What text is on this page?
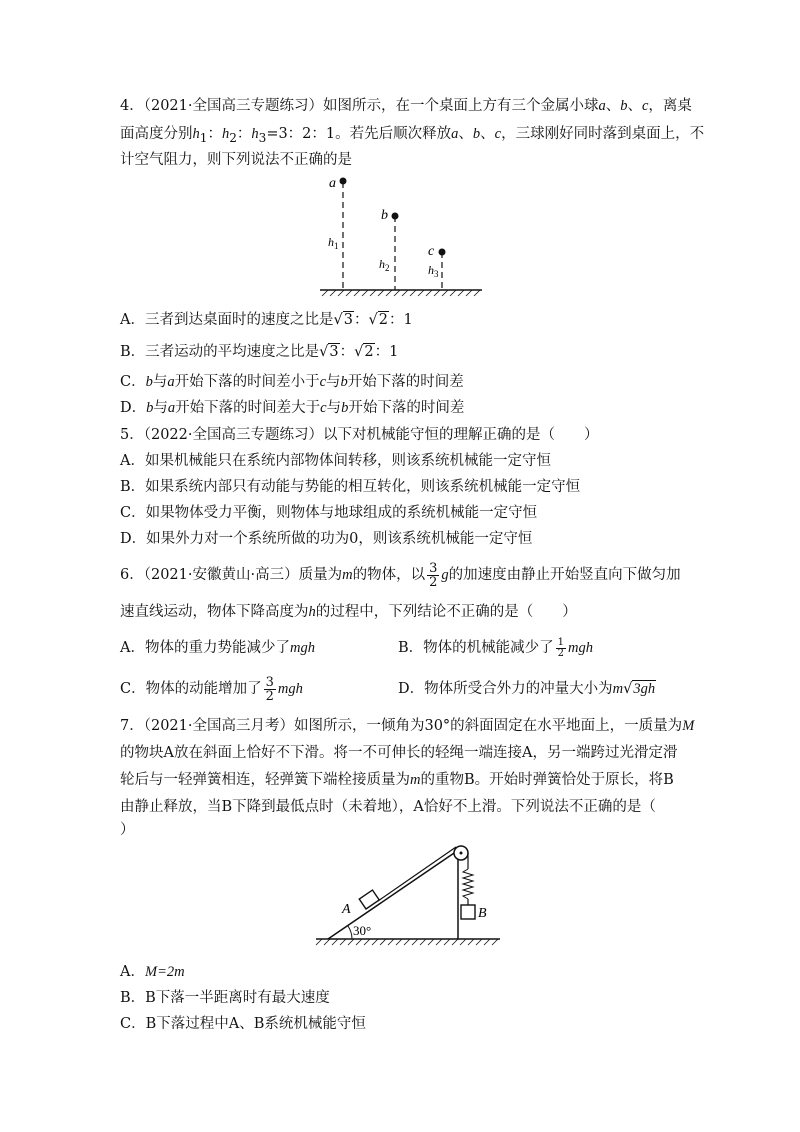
4．（2021·全国高三专题练习）如图所示，在一个桌面上方有三个金属小球a、b、c，离桌
面高度分别$h_1$：$h_2$：$h_3=3$：2：1。若先后顺次释放a、b、c，三球刚好同时落到桌面上，不
计空气阻力，则下列说法不正确的是
a
b
c
$h_1$
$h_2$	$h_3$
A．三者到达桌面时的速度之比是√3：√2：1
B．三者运动的平均速度之比是√3：√2：1
C．b与a开始下落的时间差小于c与b开始下落的时间差
D．b与a开始下落的时间差大于c与b开始下落的时间差
5．（2022·全国高三专题练习）以下对机械能守恒的理解正确的是（　　）
A．如果机械能只在系统内部物体间转移，则该系统机械能一定守恒
B．如果系统内部只有动能与势能的相互转化，则该系统机械能一定守恒
C．如果物体受力平衡，则物体与地球组成的系统机械能一定守恒
D．如果外力对一个系统所做的功为0，则该系统机械能一定守恒
6．（2021·安徽黄山·高三）质量为m的物体，以 $\frac{3}{2}$ g的加速度由静止开始竖直向下做匀加
速直线运动，物体下降高度为h的过程中，下列结论不正确的是（　　）
A．物体的重力势能减少了mgh	B．物体的机械能减少了 $\frac{1}{2}$ mgh
C．物体的动能增加了 $\frac{3}{2}$ mgh	D．物体所受合外力的冲量大小为m√3gh
7．（2021·全国高三月考）如图所示，一倾角为30°的斜面固定在水平地面上，一质量为M
的物块A放在斜面上恰好不下滑。将一不可伸长的轻绳一端连接A，另一端跨过光滑定滑
轮后与一轻弹簧相连，轻弹簧下端栓接质量为m的重物B。开始时弹簧恰处于原长，将B
由静止释放，当B下降到最低点时（未着地），A恰好不上滑。下列说法不正确的是（
）
B
A
30°
A．M=2m
B．B下落一半距离时有最大速度
C．B下落过程中A、B系统机械能守恒
